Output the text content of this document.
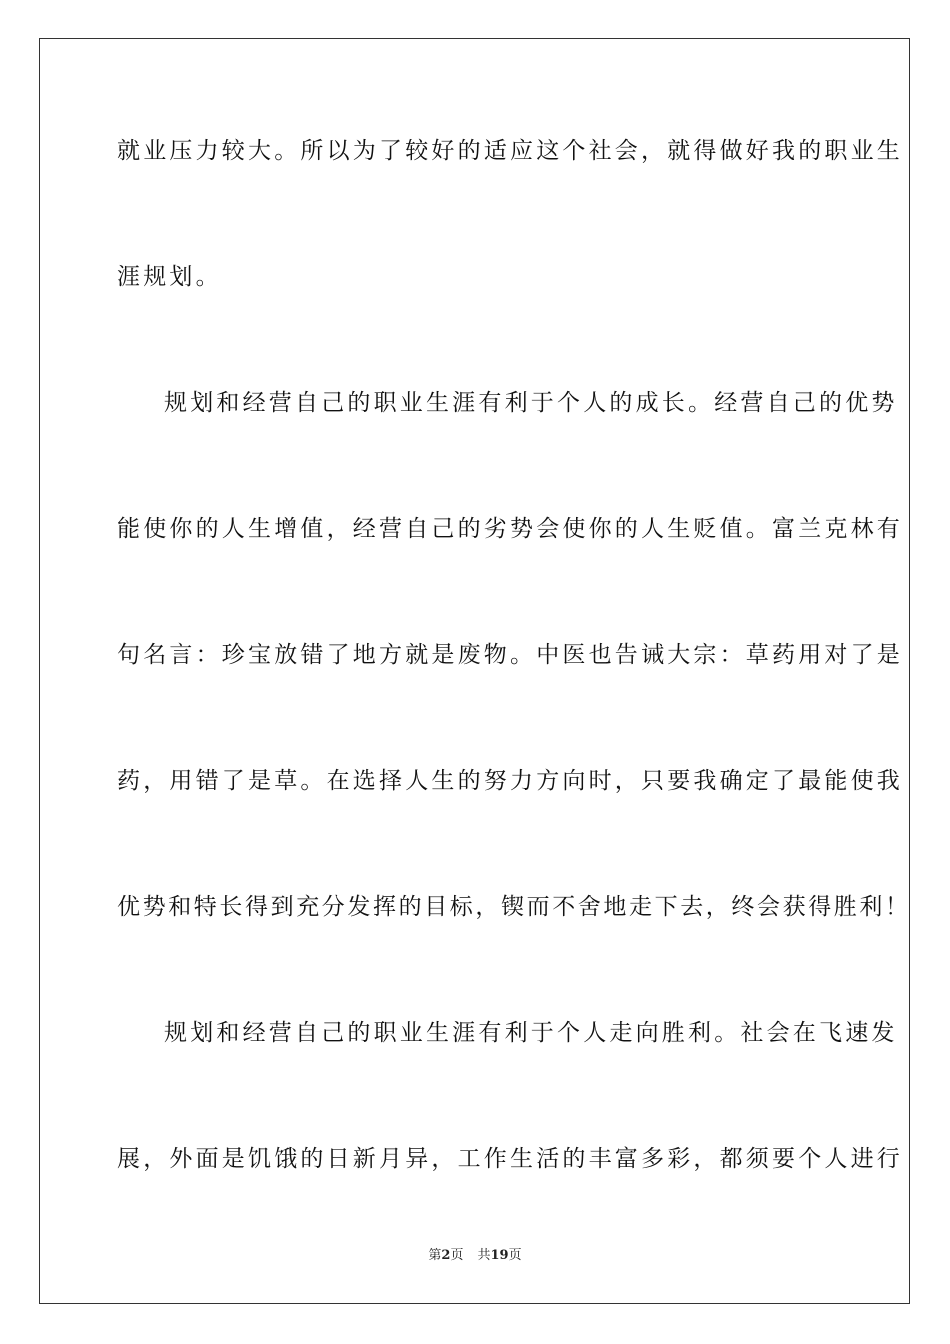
就业压力较大。所以为了较好的适应这个社会，就得做好我的职业生
涯规划。
规划和经营自己的职业生涯有利于个人的成长。经营自己的优势
能使你的人生增值，经营自己的劣势会使你的人生贬值。富兰克林有
句名言：珍宝放错了地方就是废物。中医也告诫大宗：草药用对了是
药，用错了是草。在选择人生的努力方向时，只要我确定了最能使我
优势和特长得到充分发挥的目标，锲而不舍地走下去，终会获得胜利！
规划和经营自己的职业生涯有利于个人走向胜利。社会在飞速发
展，外面是饥饿的日新月异，工作生活的丰富多彩，都须要个人进行
第2页 共19页
